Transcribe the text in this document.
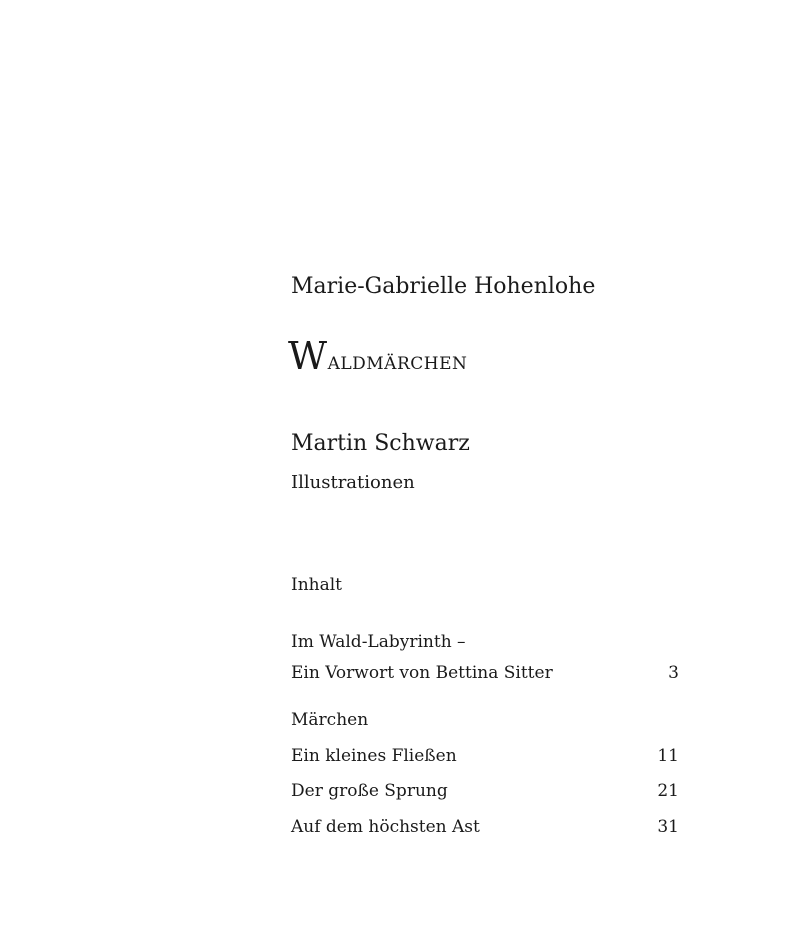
Marie-Gabrielle Hohenlohe
Waldmärchen
Martin Schwarz
Illustrationen
Inhalt
Im Wald-Labyrinth –
Ein Vorwort von Bettina Sitter	3
Märchen
Ein kleines Fließen	11
Der große Sprung	21
Auf dem höchsten Ast	31
